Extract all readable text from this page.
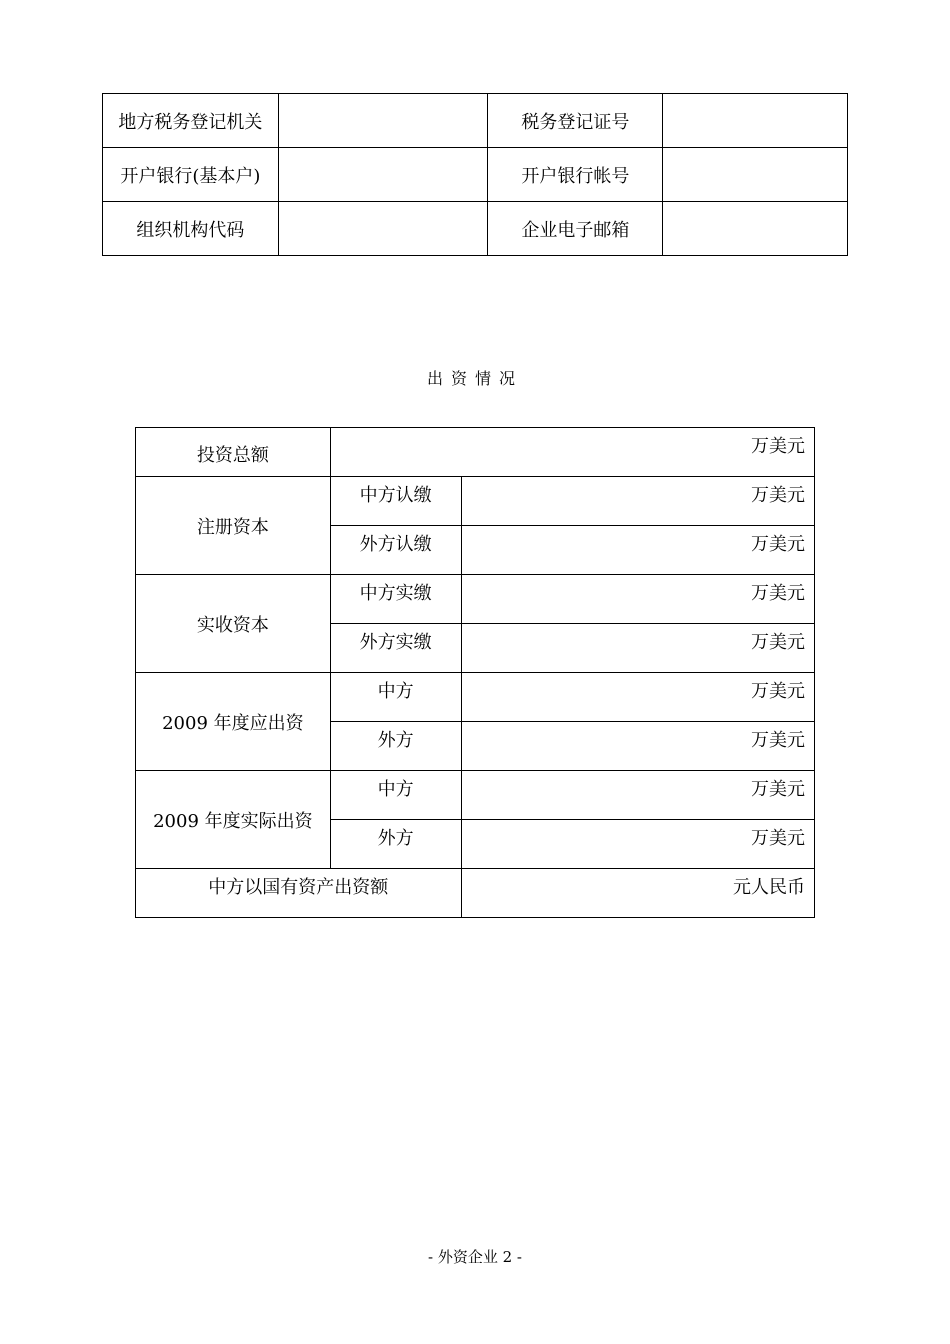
地方税务登记机关		税务登记证号	
开户银行(基本户)		开户银行帐号	
组织机构代码		企业电子邮箱	
出资情况
投资总额	万美元	
注册资本	中方认缴	万美元
	外方认缴	万美元
实收资本	中方实缴	万美元
	外方实缴	万美元
2009 年度应出资	中方	万美元
	外方	万美元
2009 年度实际出资	中方	万美元
	外方	万美元
中方以国有资产出资额		元人民币
- 外资企业 2 -
